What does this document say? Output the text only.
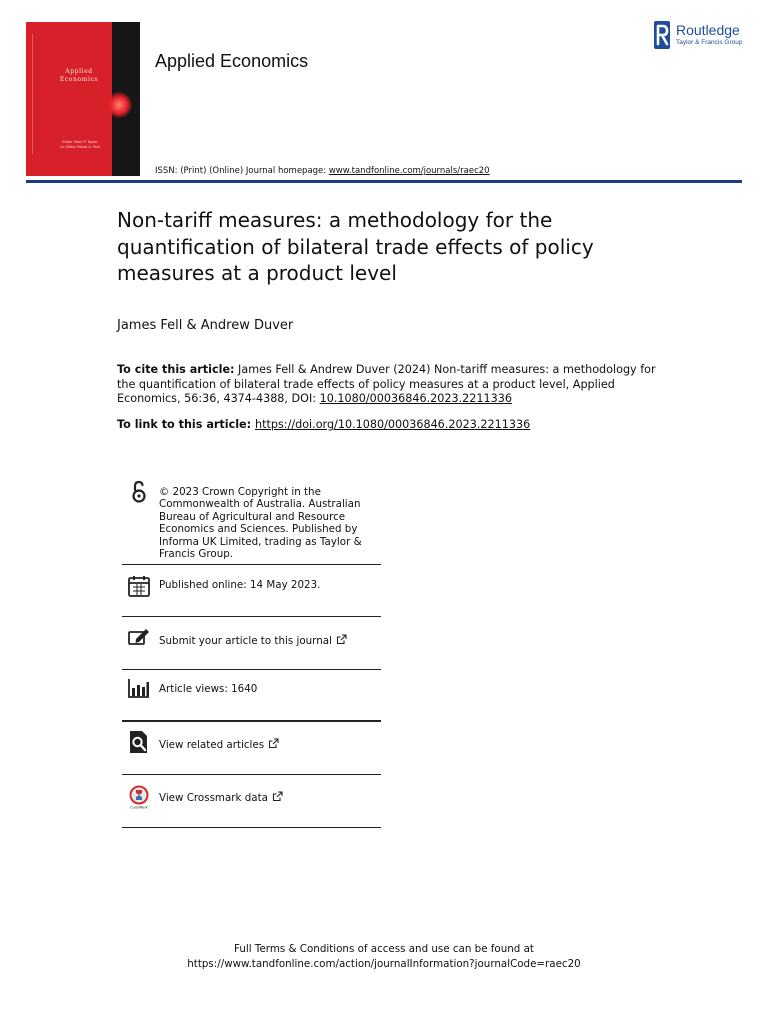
Applied
Economics
Editor Mark P. Taylor
Co-Editor David A. Peel
Applied Economics
Routledge
Taylor & Francis Group
ISSN: (Print) (Online) Journal homepage: www.tandfonline.com/journals/raec20
Non-tariff measures: a methodology for the quantification of bilateral trade effects of policy measures at a product level
James Fell & Andrew Duver
To cite this article: James Fell & Andrew Duver (2024) Non-tariff measures: a methodology for the quantification of bilateral trade effects of policy measures at a product level, Applied Economics, 56:36, 4374-4388, DOI: 10.1080/00036846.2023.2211336
To link to this article: https://doi.org/10.1080/00036846.2023.2211336
© 2023 Crown Copyright in the Commonwealth of Australia. Australian Bureau of Agricultural and Resource Economics and Sciences. Published by Informa UK Limited, trading as Taylor & Francis Group.
Published online: 14 May 2023.
Submit your article to this journal
Article views: 1640
View related articles
CrossMark
View Crossmark data
Full Terms & Conditions of access and use can be found at
https://www.tandfonline.com/action/journalInformation?journalCode=raec20
